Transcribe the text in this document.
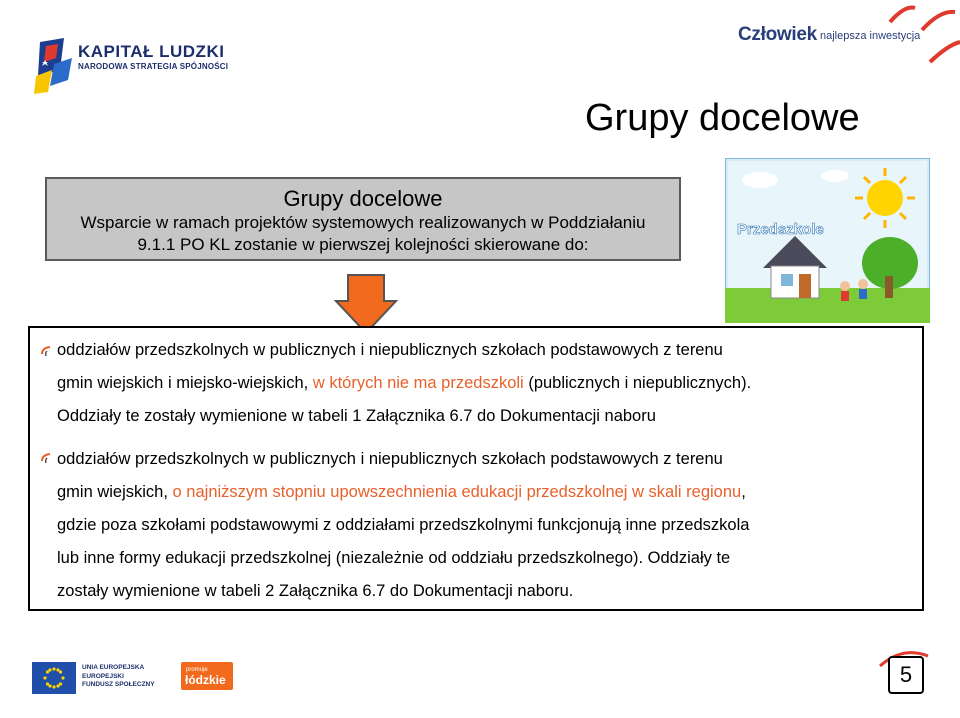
KAPITAŁ LUDZKI
NARODOWA STRATEGIA SPÓJNOŚCI
Człowiek najlepsza inwestycja
Grupy docelowe
Grupy docelowe
Wsparcie w ramach projektów systemowych realizowanych w Poddziałaniu
9.1.1 PO KL zostanie w pierwszej kolejności skierowane do:
Przedszkole
oddziałów przedszkolnych w publicznych i niepublicznych szkołach podstawowych z terenu
gmin wiejskich i miejsko-wiejskich, w których nie ma przedszkoli (publicznych i niepublicznych).
Oddziały te zostały wymienione w tabeli 1 Załącznika 6.7 do Dokumentacji naboru
oddziałów przedszkolnych w publicznych i niepublicznych szkołach podstawowych z terenu
gmin wiejskich, o najniższym stopniu upowszechnienia edukacji przedszkolnej w skali regionu,
gdzie poza szkołami podstawowymi z oddziałami przedszkolnymi funkcjonują inne przedszkola
lub inne formy edukacji przedszkolnej (niezależnie od oddziału przedszkolnego). Oddziały te
zostały wymienione w tabeli 2 Załącznika 6.7 do Dokumentacji naboru.
UNIA EUROPEJSKA
EUROPEJSKI
FUNDUSZ SPOŁECZNY
promuje
łódzkie	5
